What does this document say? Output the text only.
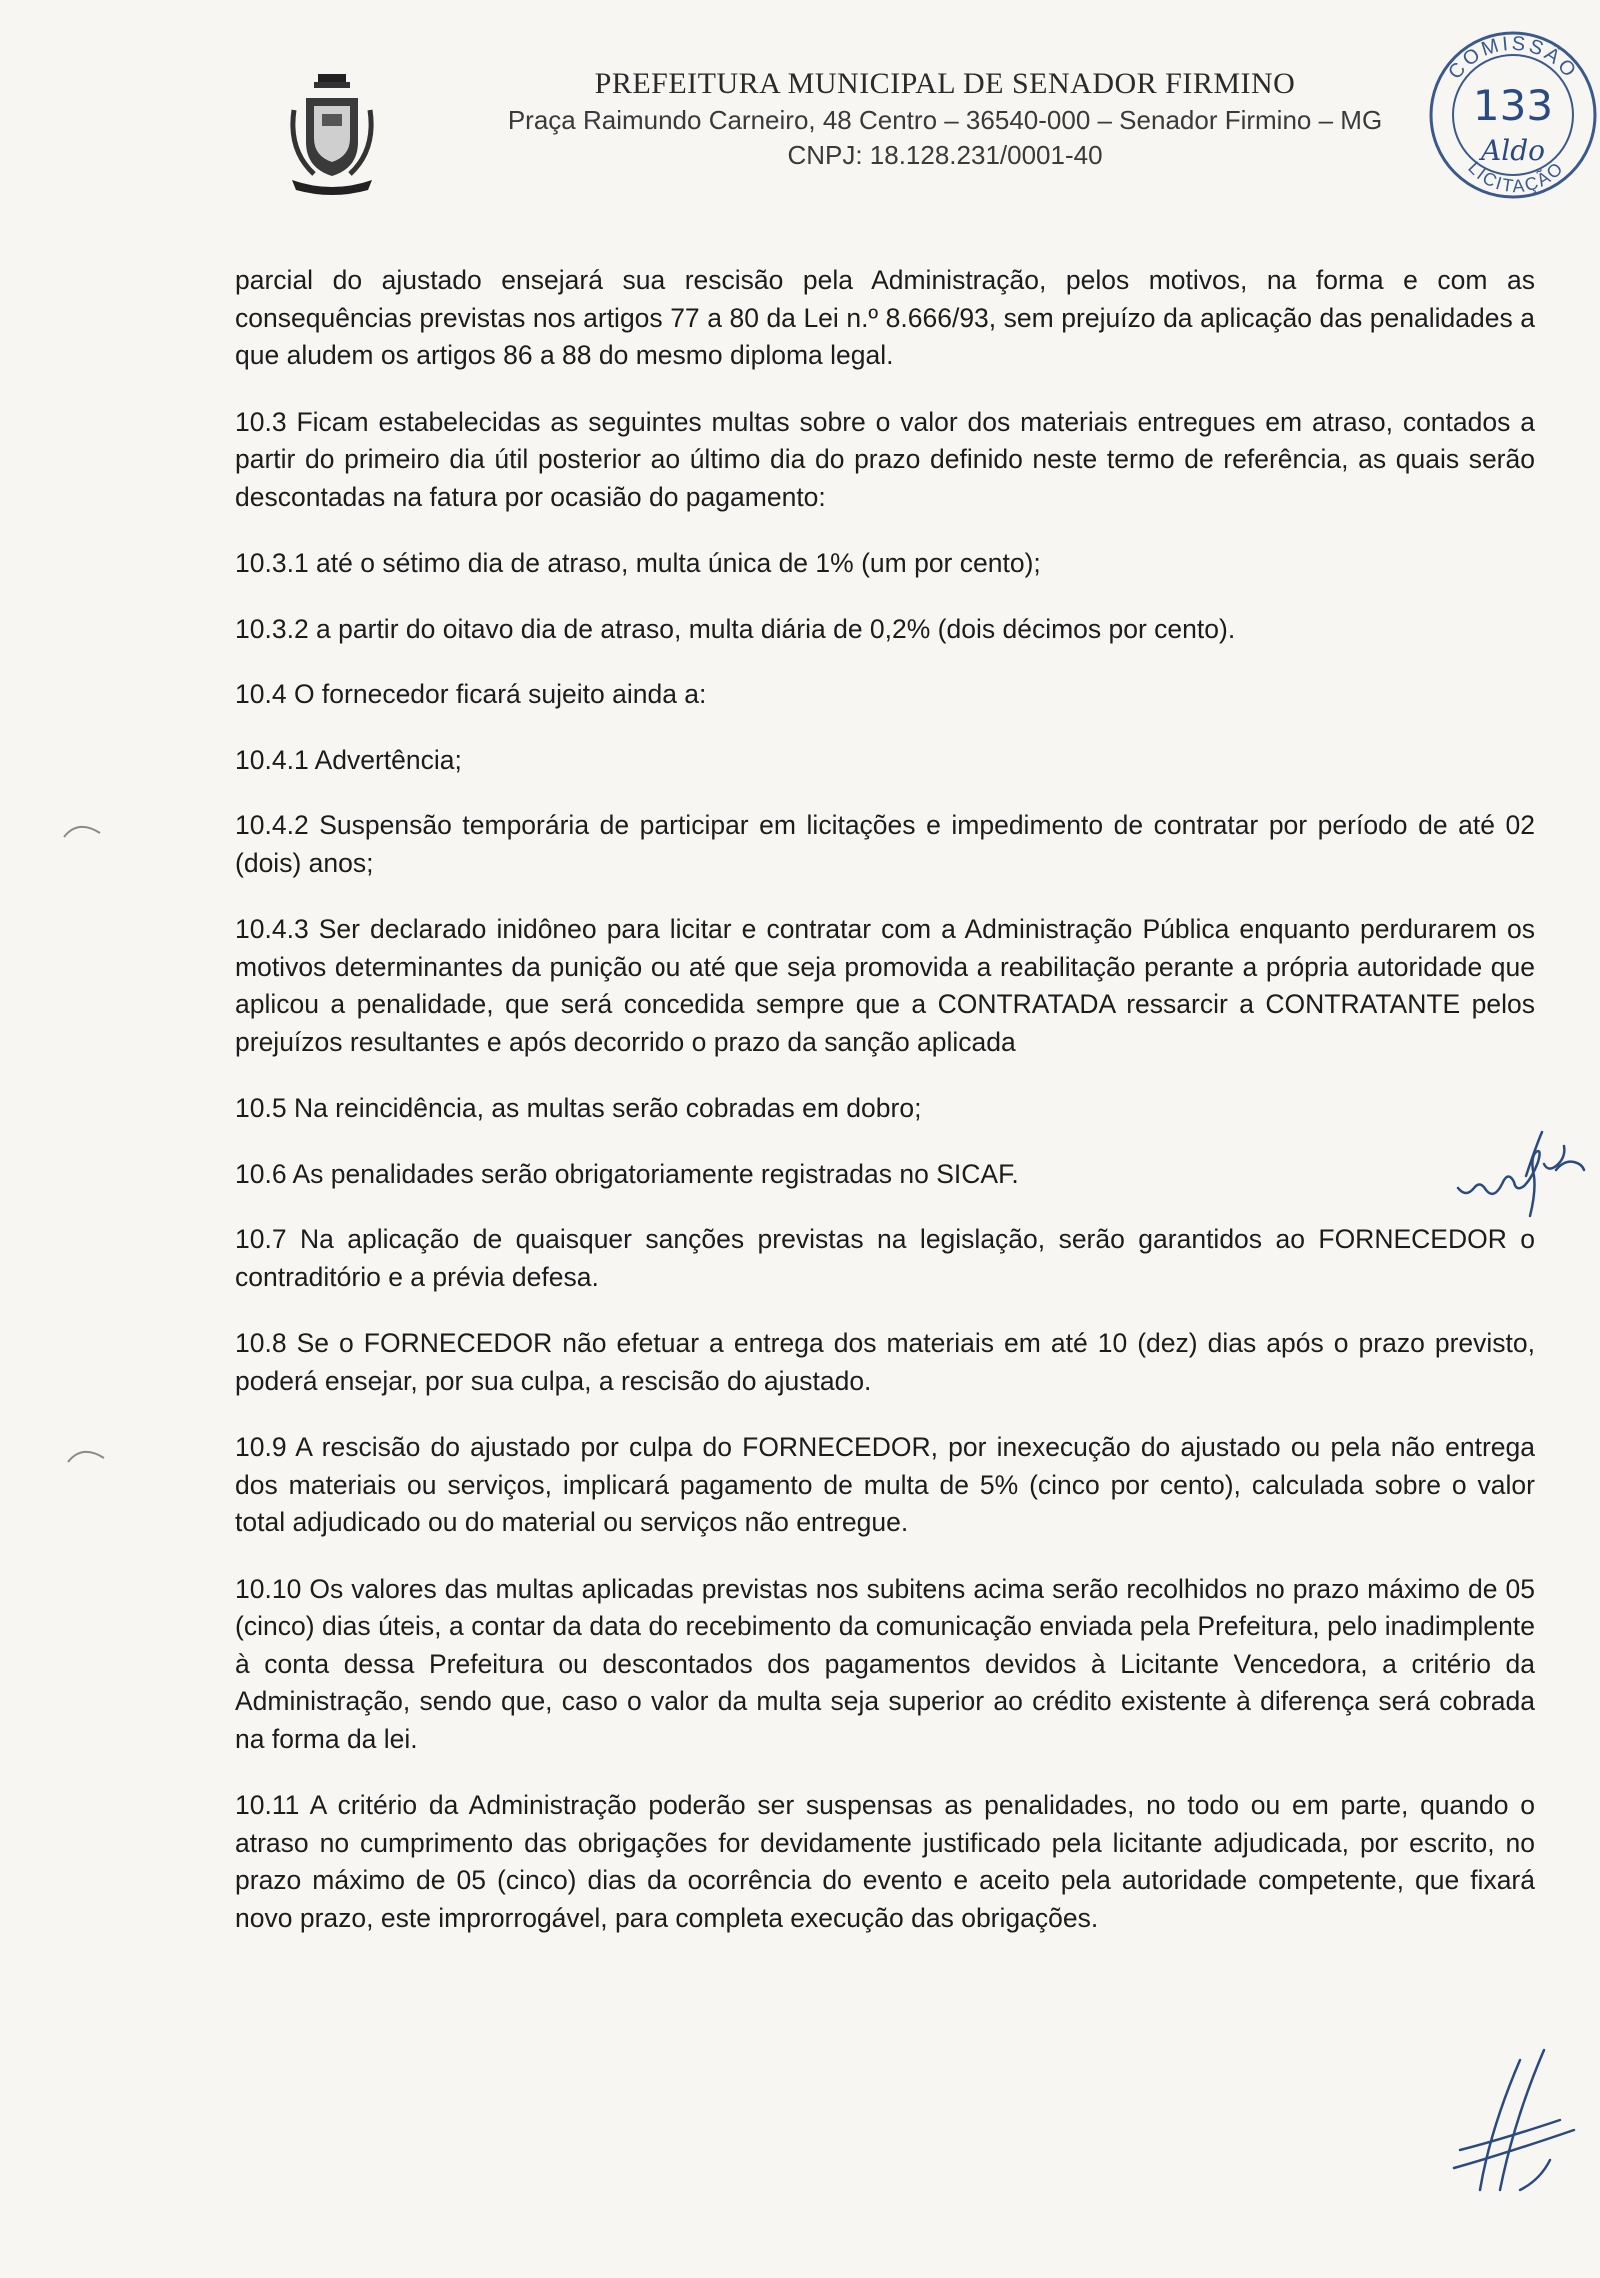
PREFEITURA MUNICIPAL DE SENADOR FIRMINO
Praça Raimundo Carneiro, 48 Centro – 36540-000 – Senador Firmino – MG
CNPJ: 18.128.231/0001-40
COMISSÃO
LICITAÇÃO
133
Aldo

parcial do ajustado ensejará sua rescisão pela Administração, pelos motivos, na forma e com as consequências previstas nos artigos 77 a 80 da Lei n.º 8.666/93, sem prejuízo da aplicação das penalidades a que aludem os artigos 86 a 88 do mesmo diploma legal.

10.3 Ficam estabelecidas as seguintes multas sobre o valor dos materiais entregues em atraso, contados a partir do primeiro dia útil posterior ao último dia do prazo definido neste termo de referência, as quais serão descontadas na fatura por ocasião do pagamento:

10.3.1 até o sétimo dia de atraso, multa única de 1% (um por cento);

10.3.2 a partir do oitavo dia de atraso, multa diária de 0,2% (dois décimos por cento).

10.4 O fornecedor ficará sujeito ainda a:

10.4.1 Advertência;

10.4.2 Suspensão temporária de participar em licitações e impedimento de contratar por período de até 02 (dois) anos;

10.4.3 Ser declarado inidôneo para licitar e contratar com a Administração Pública enquanto perdurarem os motivos determinantes da punição ou até que seja promovida a reabilitação perante a própria autoridade que aplicou a penalidade, que será concedida sempre que a CONTRATADA ressarcir a CONTRATANTE pelos prejuízos resultantes e após decorrido o prazo da sanção aplicada

10.5 Na reincidência, as multas serão cobradas em dobro;

10.6 As penalidades serão obrigatoriamente registradas no SICAF.

10.7 Na aplicação de quaisquer sanções previstas na legislação, serão garantidos ao FORNECEDOR o contraditório e a prévia defesa.

10.8 Se o FORNECEDOR não efetuar a entrega dos materiais em até 10 (dez) dias após o prazo previsto, poderá ensejar, por sua culpa, a rescisão do ajustado.

10.9 A rescisão do ajustado por culpa do FORNECEDOR, por inexecução do ajustado ou pela não entrega dos materiais ou serviços, implicará pagamento de multa de 5% (cinco por cento), calculada sobre o valor total adjudicado ou do material ou serviços não entregue.

10.10 Os valores das multas aplicadas previstas nos subitens acima serão recolhidos no prazo máximo de 05 (cinco) dias úteis, a contar da data do recebimento da comunicação enviada pela Prefeitura, pelo inadimplente à conta dessa Prefeitura ou descontados dos pagamentos devidos à Licitante Vencedora, a critério da Administração, sendo que, caso o valor da multa seja superior ao crédito existente à diferença será cobrada na forma da lei.

10.11 A critério da Administração poderão ser suspensas as penalidades, no todo ou em parte, quando o atraso no cumprimento das obrigações for devidamente justificado pela licitante adjudicada, por escrito, no prazo máximo de 05 (cinco) dias da ocorrência do evento e aceito pela autoridade competente, que fixará novo prazo, este improrrogável, para completa execução das obrigações.
